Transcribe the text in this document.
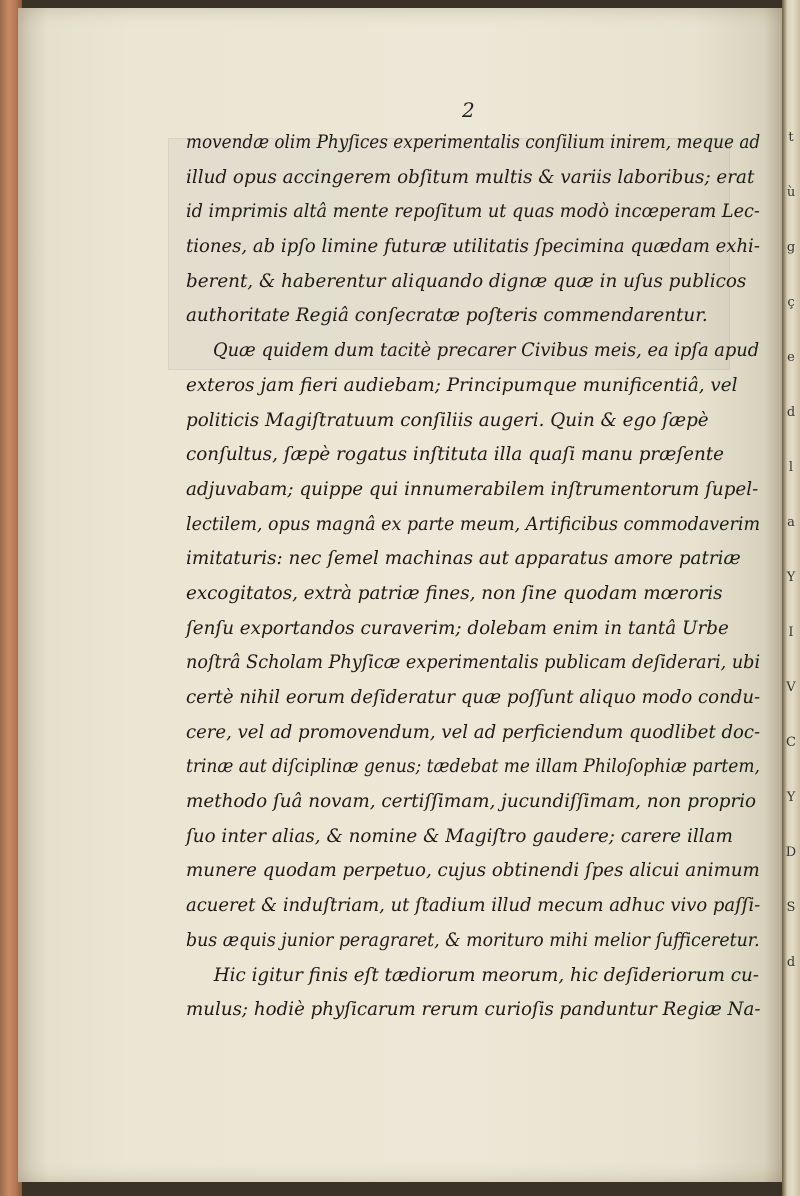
2
movendæ olim Phyſices experimentalis conſilium inirem, meque ad
illud opus accingerem obſitum multis & variis laboribus; erat
id imprimis altâ mente repoſitum ut quas modò incœperam Lec-
tiones, ab ipſo limine futuræ utilitatis ſpecimina quædam exhi-
berent, & haberentur aliquando dignæ quæ in uſus publicos
authoritate Regiâ conſecratæ poſteris commendarentur.
Quæ quidem dum tacitè precarer Civibus meis, ea ipſa apud
exteros jam fieri audiebam; Principumque munificentiâ, vel
politicis Magiſtratuum conſiliis augeri. Quin & ego ſæpè
conſultus, ſæpè rogatus inſtituta illa quaſi manu præſente
adjuvabam; quippe qui innumerabilem inſtrumentorum ſupel-
lectilem, opus magnâ ex parte meum, Artificibus commodaverim
imitaturis: nec ſemel machinas aut apparatus amore patriæ
excogitatos, extrà patriæ fines, non ſine quodam mœroris
ſenſu exportandos curaverim; dolebam enim in tantâ Urbe
noſtrâ Scholam Phyſicæ experimentalis publicam deſiderari, ubi
certè nihil eorum deſideratur quæ poſſunt aliquo modo condu-
cere, vel ad promovendum, vel ad perficiendum quodlibet doc-
trinæ aut diſciplinæ genus; tædebat me illam Philoſophiæ partem,
methodo ſuâ novam, certiſſimam, jucundiſſimam, non proprio
ſuo inter alias, & nomine & Magiſtro gaudere; carere illam
munere quodam perpetuo, cujus obtinendi ſpes alicui animum
acueret & induſtriam, ut ſtadium illud mecum adhuc vivo paſſi-
bus æquis junior peragraret, & morituro mihi melior ſufficeretur.
Hic igitur finis eſt tædiorum meorum, hic deſideriorum cu-
mulus; hodiè phyſicarum rerum curioſis panduntur Regiæ Na-
t
ù
g
ç
e
d
l
a
Y
I
V
C
Y
D
S
d
